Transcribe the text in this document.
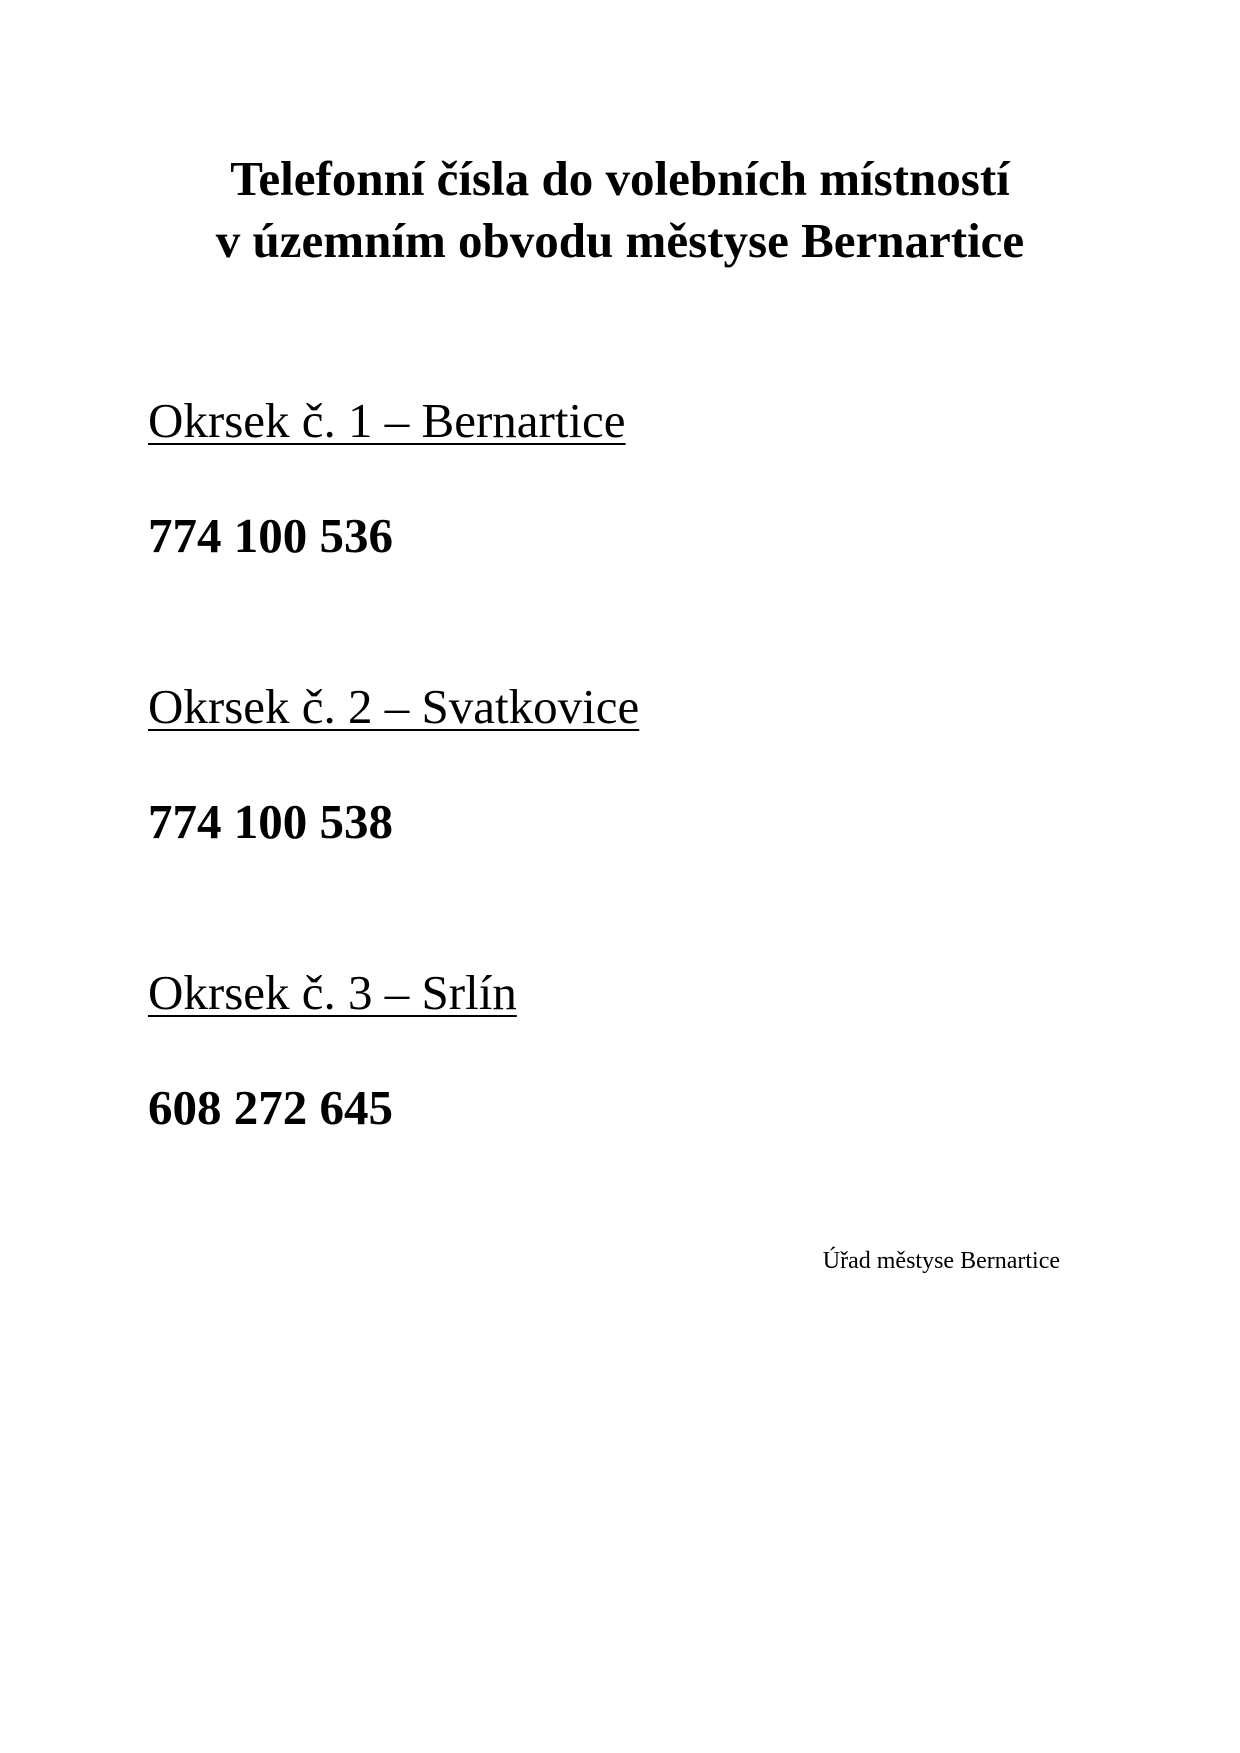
Telefonní čísla do volebních místností
v územním obvodu městyse Bernartice

Okrsek č. 1 – Bernartice

774 100 536

Okrsek č. 2 – Svatkovice

774 100 538

Okrsek č. 3 – Srlín

608 272 645

Úřad městyse Bernartice
